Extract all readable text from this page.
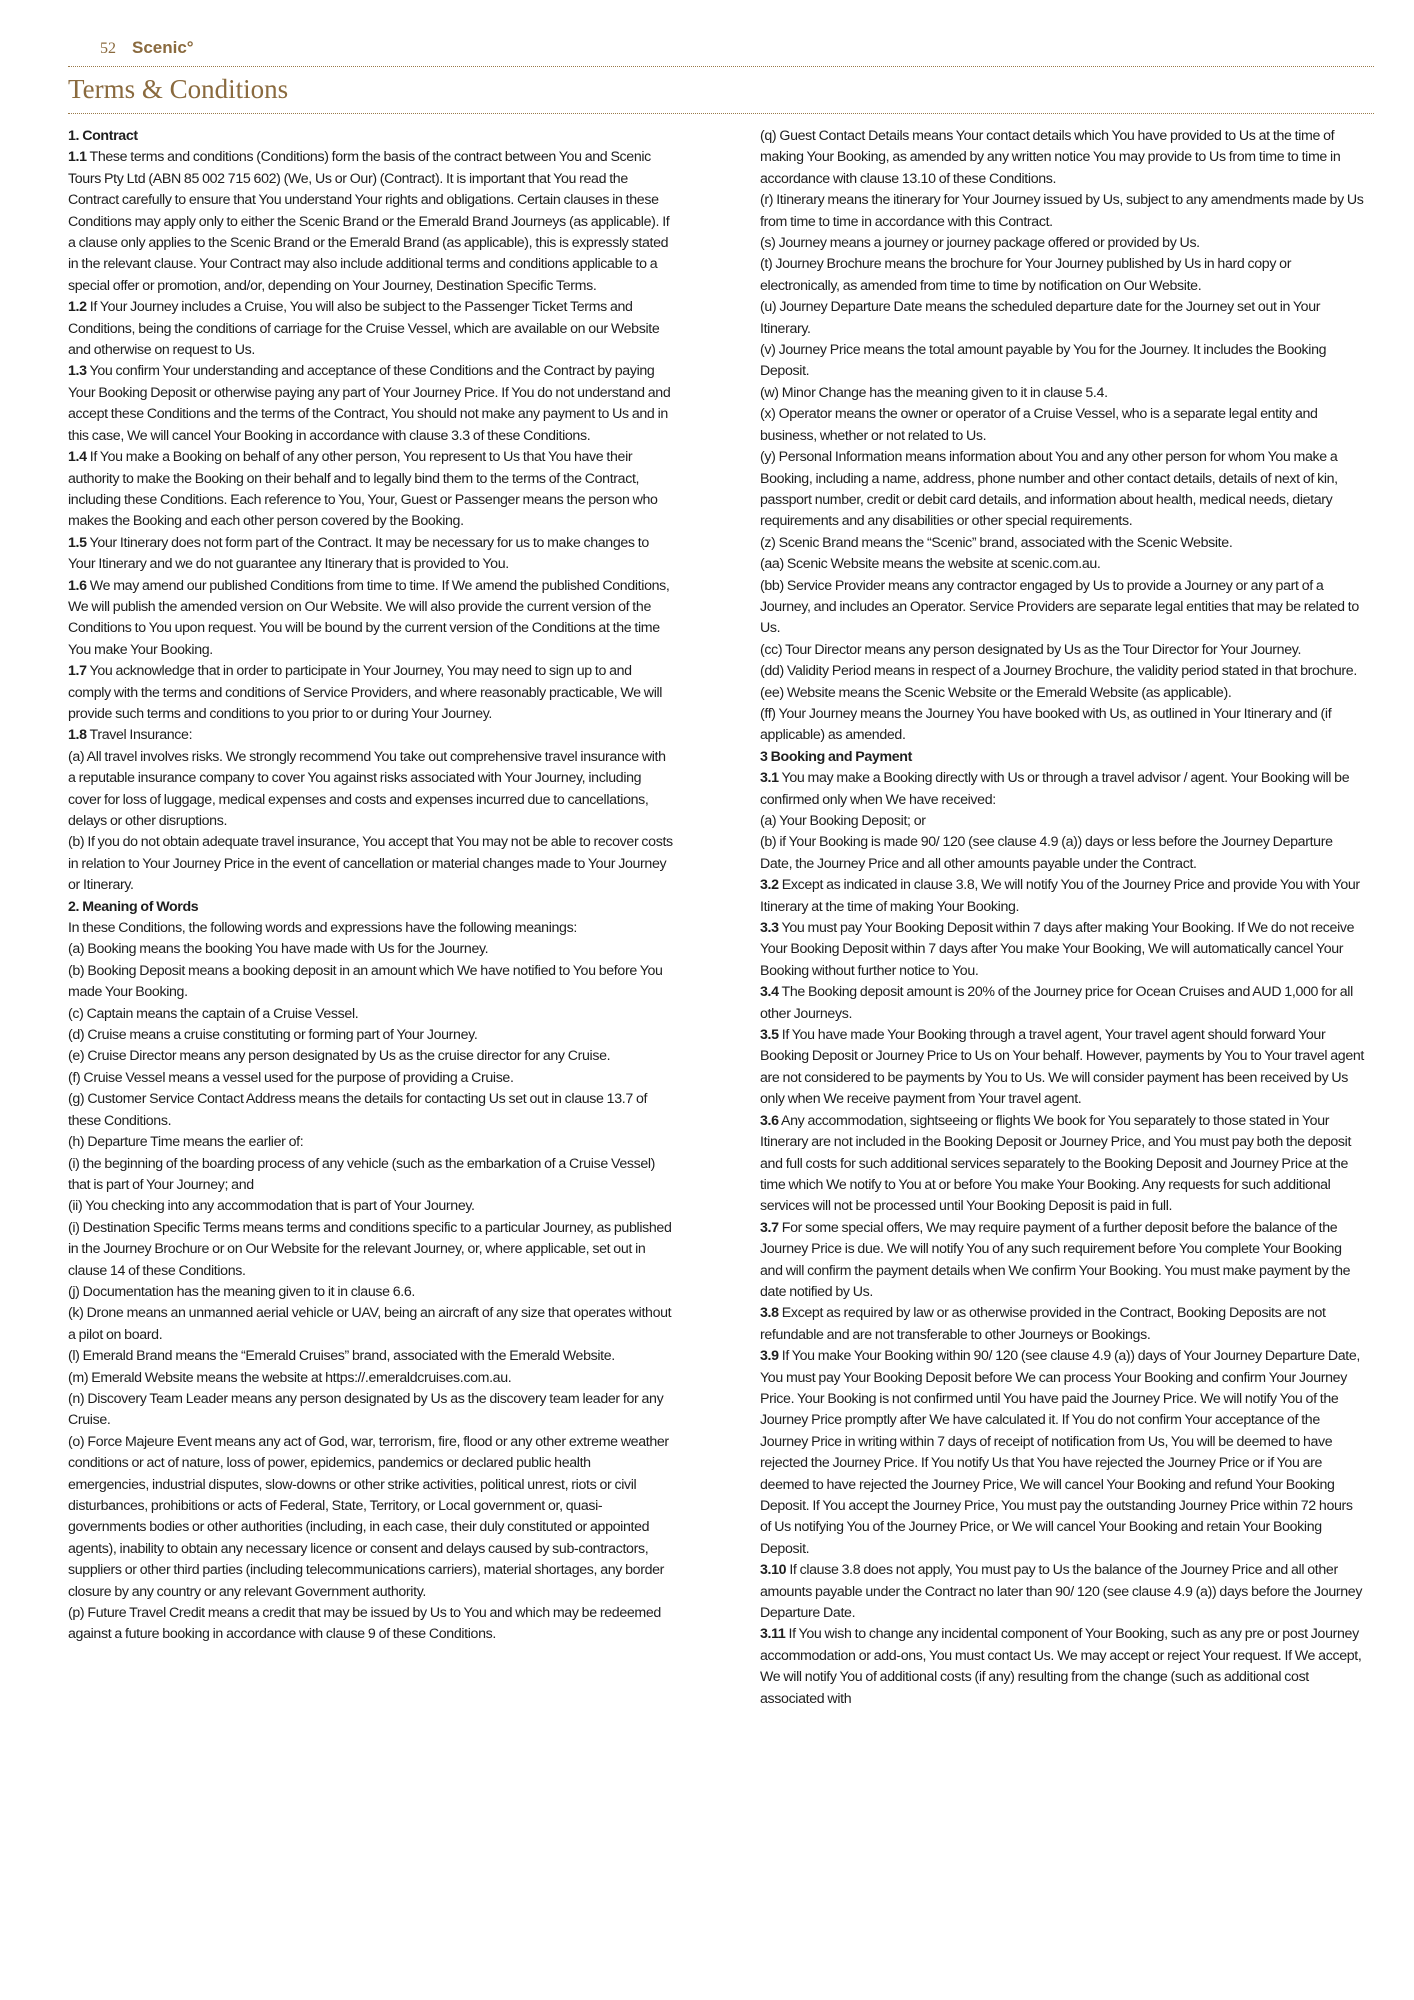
52 Scenic°
Terms & Conditions

1. Contract

1.1 These terms and conditions (Conditions) form the basis of the contract between You and Scenic Tours Pty Ltd (ABN 85 002 715 602) (We, Us or Our) (Contract). It is important that You read the Contract carefully to ensure that You understand Your rights and obligations. Certain clauses in these Conditions may apply only to either the Scenic Brand or the Emerald Brand Journeys (as applicable). If a clause only applies to the Scenic Brand or the Emerald Brand (as applicable), this is expressly stated in the relevant clause. Your Contract may also include additional terms and conditions applicable to a special offer or promotion, and/or, depending on Your Journey, Destination Specific Terms.

1.2 If Your Journey includes a Cruise, You will also be subject to the Passenger Ticket Terms and Conditions, being the conditions of carriage for the Cruise Vessel, which are available on our Website and otherwise on request to Us.

1.3 You confirm Your understanding and acceptance of these Conditions and the Contract by paying Your Booking Deposit or otherwise paying any part of Your Journey Price. If You do not understand and accept these Conditions and the terms of the Contract, You should not make any payment to Us and in this case, We will cancel Your Booking in accordance with clause 3.3 of these Conditions.

1.4 If You make a Booking on behalf of any other person, You represent to Us that You have their authority to make the Booking on their behalf and to legally bind them to the terms of the Contract, including these Conditions. Each reference to You, Your, Guest or Passenger means the person who makes the Booking and each other person covered by the Booking.

1.5 Your Itinerary does not form part of the Contract. It may be necessary for us to make changes to Your Itinerary and we do not guarantee any Itinerary that is provided to You.

1.6 We may amend our published Conditions from time to time. If We amend the published Conditions, We will publish the amended version on Our Website. We will also provide the current version of the Conditions to You upon request. You will be bound by the current version of the Conditions at the time You make Your Booking.

1.7 You acknowledge that in order to participate in Your Journey, You may need to sign up to and comply with the terms and conditions of Service Providers, and where reasonably practicable, We will provide such terms and conditions to you prior to or during Your Journey.

1.8 Travel Insurance:

(a) All travel involves risks. We strongly recommend You take out comprehensive travel insurance with a reputable insurance company to cover You against risks associated with Your Journey, including cover for loss of luggage, medical expenses and costs and expenses incurred due to cancellations, delays or other disruptions.

(b) If you do not obtain adequate travel insurance, You accept that You may not be able to recover costs in relation to Your Journey Price in the event of cancellation or material changes made to Your Journey or Itinerary.

2. Meaning of Words

In these Conditions, the following words and expressions have the following meanings:

(a) Booking means the booking You have made with Us for the Journey.

(b) Booking Deposit means a booking deposit in an amount which We have notified to You before You made Your Booking.

(c) Captain means the captain of a Cruise Vessel.

(d) Cruise means a cruise constituting or forming part of Your Journey.

(e) Cruise Director means any person designated by Us as the cruise director for any Cruise.

(f) Cruise Vessel means a vessel used for the purpose of providing a Cruise.

(g) Customer Service Contact Address means the details for contacting Us set out in clause 13.7 of these Conditions.

(h) Departure Time means the earlier of:

(i) the beginning of the boarding process of any vehicle (such as the embarkation of a Cruise Vessel) that is part of Your Journey; and

(ii) You checking into any accommodation that is part of Your Journey.

(i) Destination Specific Terms means terms and conditions specific to a particular Journey, as published in the Journey Brochure or on Our Website for the relevant Journey, or, where applicable, set out in clause 14 of these Conditions.

(j) Documentation has the meaning given to it in clause 6.6.

(k) Drone means an unmanned aerial vehicle or UAV, being an aircraft of any size that operates without a pilot on board.

(l) Emerald Brand means the “Emerald Cruises” brand, associated with the Emerald Website.

(m) Emerald Website means the website at https://.emeraldcruises.com.au.

(n) Discovery Team Leader means any person designated by Us as the discovery team leader for any Cruise.

(o) Force Majeure Event means any act of God, war, terrorism, fire, flood or any other extreme weather conditions or act of nature, loss of power, epidemics, pandemics or declared public health emergencies, industrial disputes, slow-downs or other strike activities, political unrest, riots or civil disturbances, prohibitions or acts of Federal, State, Territory, or Local government or, quasi-governments bodies or other authorities (including, in each case, their duly constituted or appointed agents), inability to obtain any necessary licence or consent and delays caused by sub-contractors, suppliers or other third parties (including telecommunications carriers), material shortages, any border closure by any country or any relevant Government authority.

(p) Future Travel Credit means a credit that may be issued by Us to You and which may be redeemed against a future booking in accordance with clause 9 of these Conditions.

(q) Guest Contact Details means Your contact details which You have provided to Us at the time of making Your Booking, as amended by any written notice You may provide to Us from time to time in accordance with clause 13.10 of these Conditions.

(r) Itinerary means the itinerary for Your Journey issued by Us, subject to any amendments made by Us from time to time in accordance with this Contract.

(s) Journey means a journey or journey package offered or provided by Us.

(t) Journey Brochure means the brochure for Your Journey published by Us in hard copy or electronically, as amended from time to time by notification on Our Website.

(u) Journey Departure Date means the scheduled departure date for the Journey set out in Your Itinerary.

(v) Journey Price means the total amount payable by You for the Journey. It includes the Booking Deposit.

(w) Minor Change has the meaning given to it in clause 5.4.

(x) Operator means the owner or operator of a Cruise Vessel, who is a separate legal entity and business, whether or not related to Us.

(y) Personal Information means information about You and any other person for whom You make a Booking, including a name, address, phone number and other contact details, details of next of kin, passport number, credit or debit card details, and information about health, medical needs, dietary requirements and any disabilities or other special requirements.

(z) Scenic Brand means the “Scenic” brand, associated with the Scenic Website.

(aa) Scenic Website means the website at scenic.com.au.

(bb) Service Provider means any contractor engaged by Us to provide a Journey or any part of a Journey, and includes an Operator. Service Providers are separate legal entities that may be related to Us.

(cc) Tour Director means any person designated by Us as the Tour Director for Your Journey.

(dd) Validity Period means in respect of a Journey Brochure, the validity period stated in that brochure.

(ee) Website means the Scenic Website or the Emerald Website (as applicable).

(ff) Your Journey means the Journey You have booked with Us, as outlined in Your Itinerary and (if applicable) as amended.

3 Booking and Payment

3.1 You may make a Booking directly with Us or through a travel advisor / agent. Your Booking will be confirmed only when We have received:

(a) Your Booking Deposit; or

(b) if Your Booking is made 90/ 120 (see clause 4.9 (a)) days or less before the Journey Departure Date, the Journey Price and all other amounts payable under the Contract.

3.2 Except as indicated in clause 3.8, We will notify You of the Journey Price and provide You with Your Itinerary at the time of making Your Booking.

3.3 You must pay Your Booking Deposit within 7 days after making Your Booking. If We do not receive Your Booking Deposit within 7 days after You make Your Booking, We will automatically cancel Your Booking without further notice to You.

3.4 The Booking deposit amount is 20% of the Journey price for Ocean Cruises and AUD 1,000 for all other Journeys.

3.5 If You have made Your Booking through a travel agent, Your travel agent should forward Your Booking Deposit or Journey Price to Us on Your behalf. However, payments by You to Your travel agent are not considered to be payments by You to Us. We will consider payment has been received by Us only when We receive payment from Your travel agent.

3.6 Any accommodation, sightseeing or flights We book for You separately to those stated in Your Itinerary are not included in the Booking Deposit or Journey Price, and You must pay both the deposit and full costs for such additional services separately to the Booking Deposit and Journey Price at the time which We notify to You at or before You make Your Booking. Any requests for such additional services will not be processed until Your Booking Deposit is paid in full.

3.7 For some special offers, We may require payment of a further deposit before the balance of the Journey Price is due. We will notify You of any such requirement before You complete Your Booking and will confirm the payment details when We confirm Your Booking. You must make payment by the date notified by Us.

3.8 Except as required by law or as otherwise provided in the Contract, Booking Deposits are not refundable and are not transferable to other Journeys or Bookings.

3.9 If You make Your Booking within 90/ 120 (see clause 4.9 (a)) days of Your Journey Departure Date, You must pay Your Booking Deposit before We can process Your Booking and confirm Your Journey Price. Your Booking is not confirmed until You have paid the Journey Price. We will notify You of the Journey Price promptly after We have calculated it. If You do not confirm Your acceptance of the Journey Price in writing within 7 days of receipt of notification from Us, You will be deemed to have rejected the Journey Price. If You notify Us that You have rejected the Journey Price or if You are deemed to have rejected the Journey Price, We will cancel Your Booking and refund Your Booking Deposit. If You accept the Journey Price, You must pay the outstanding Journey Price within 72 hours of Us notifying You of the Journey Price, or We will cancel Your Booking and retain Your Booking Deposit.

3.10 If clause 3.8 does not apply, You must pay to Us the balance of the Journey Price and all other amounts payable under the Contract no later than 90/ 120 (see clause 4.9 (a)) days before the Journey Departure Date.

3.11 If You wish to change any incidental component of Your Booking, such as any pre or post Journey accommodation or add-ons, You must contact Us. We may accept or reject Your request. If We accept, We will notify You of additional costs (if any) resulting from the change (such as additional cost associated with
